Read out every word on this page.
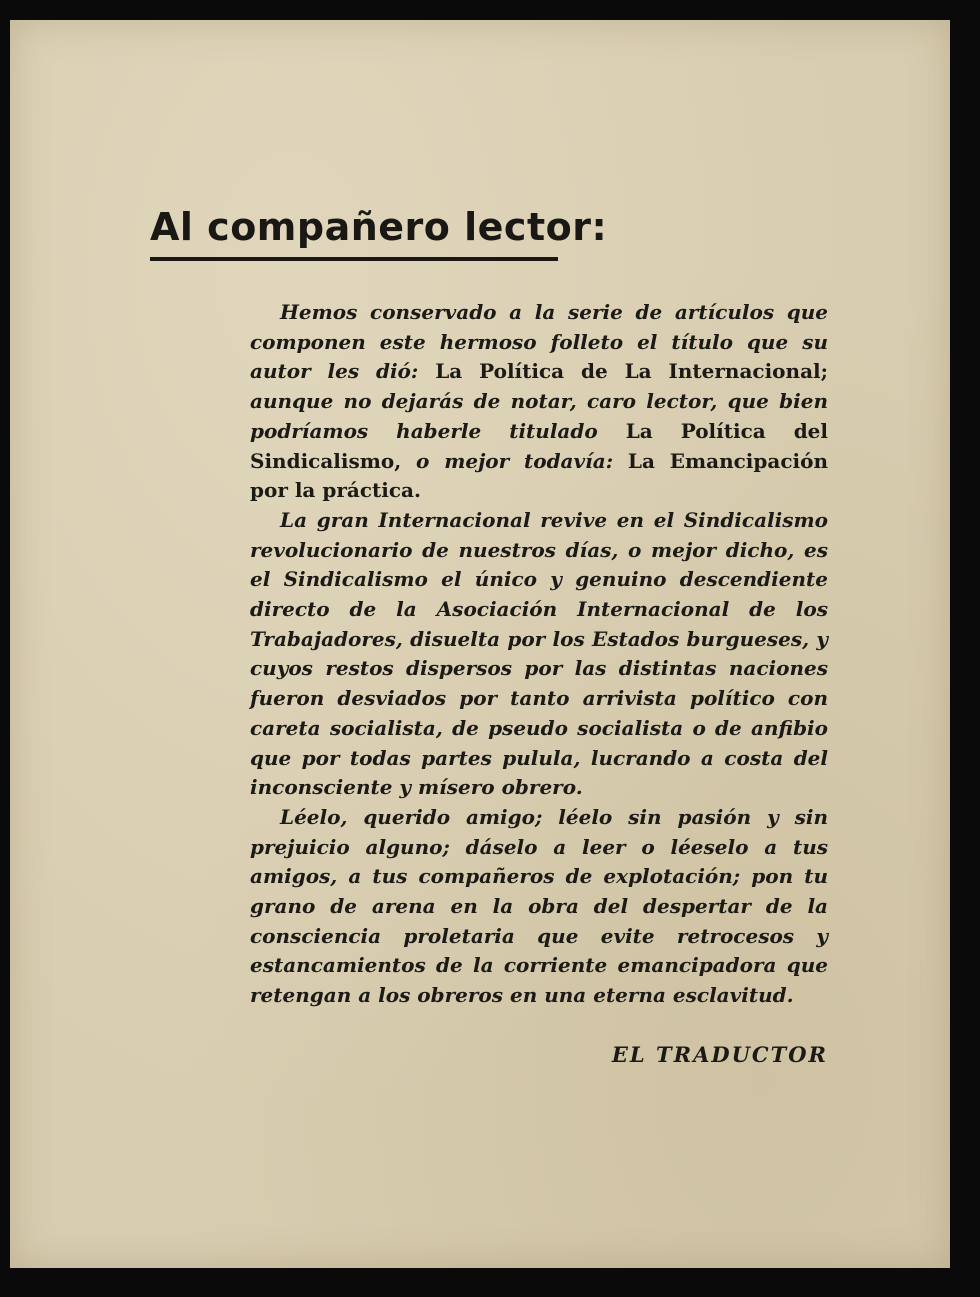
Al compañero lector:

Hemos conservado a la serie de artículos que componen este hermoso folleto el título que su autor les dió: La Política de La Internacional; aunque no dejarás de notar, caro lector, que bien podríamos haberle titulado La Política del Sindicalismo, o mejor todavía: La Emancipación por la práctica.

La gran Internacional revive en el Sindicalismo revolucionario de nuestros días, o mejor dicho, es el Sindicalismo el único y genuino descendiente directo de la Asociación Internacional de los Trabajadores, disuelta por los Estados burgueses, y cuyos restos dispersos por las distintas naciones fueron desviados por tanto arrivista político con careta socialista, de pseudo socialista o de anfibio que por todas partes pulula, lucrando a costa del inconsciente y mísero obrero.

Léelo, querido amigo; léelo sin pasión y sin prejuicio alguno; dáselo a leer o léeselo a tus amigos, a tus compañeros de explotación; pon tu grano de arena en la obra del despertar de la consciencia proletaria que evite retrocesos y estancamientos de la corriente emancipadora que retengan a los obreros en una eterna esclavitud.

EL TRADUCTOR
